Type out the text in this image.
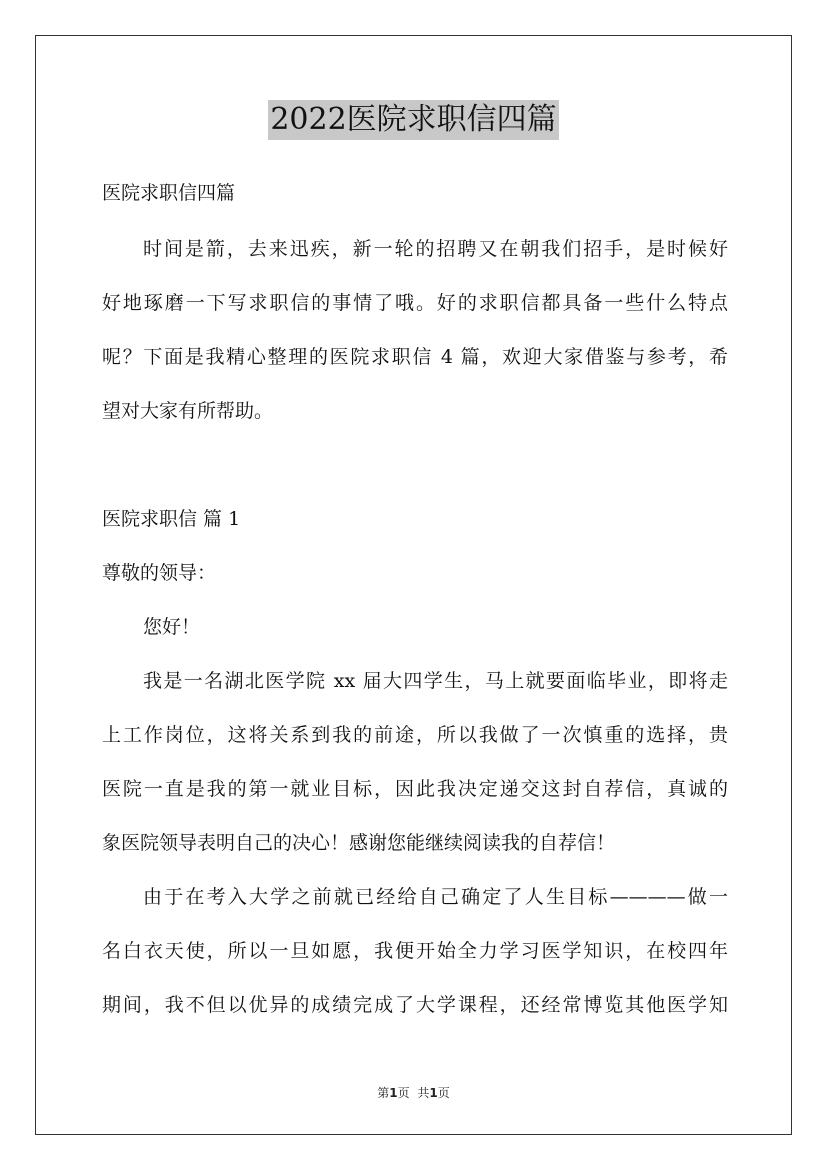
2022医院求职信四篇
医院求职信四篇
时间是箭，去来迅疾，新一轮的招聘又在朝我们招手，是时候好
好地琢磨一下写求职信的事情了哦。好的求职信都具备一些什么特点
呢？下面是我精心整理的医院求职信 4 篇，欢迎大家借鉴与参考，希
望对大家有所帮助。
医院求职信 篇 1
尊敬的领导：
您好！
我是一名湖北医学院 xx 届大四学生，马上就要面临毕业，即将走
上工作岗位，这将关系到我的前途，所以我做了一次慎重的选择，贵
医院一直是我的第一就业目标，因此我决定递交这封自荐信，真诚的
象医院领导表明自己的决心！感谢您能继续阅读我的自荐信！
由于在考入大学之前就已经给自己确定了人生目标————做一
名白衣天使，所以一旦如愿，我便开始全力学习医学知识，在校四年
期间，我不但以优异的成绩完成了大学课程，还经常博览其他医学知
第1页 共1页
